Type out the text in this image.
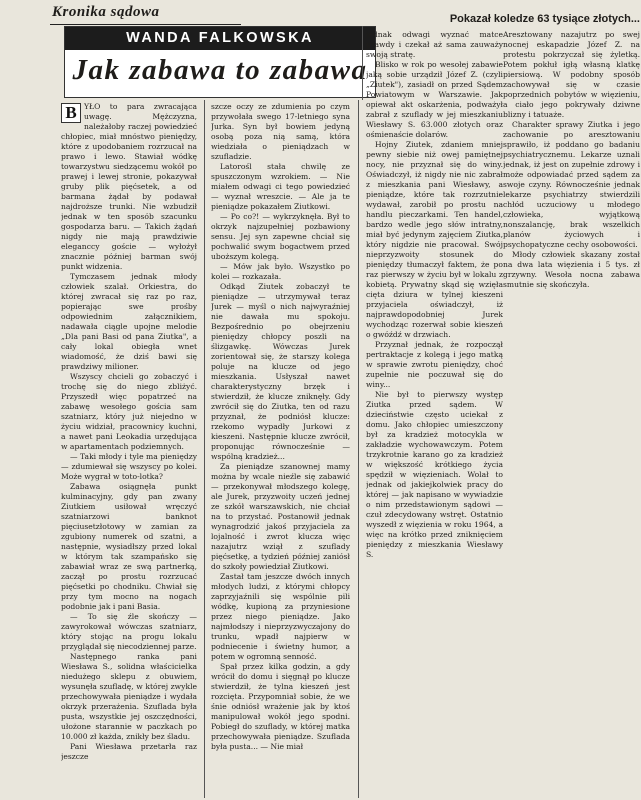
Kronika sądowa	Pokazał koledze 63 tysiące złotych...
WANDA FALKOWSKA
Jak zabawa to zabawa
B YŁO to para zwracająca uwagę. Mężczyzna, należałoby raczej powiedzieć chłopiec, miał mnóstwo pieniędzy, które z upodobaniem rozrzucał na prawo i lewo. Stawiał wódkę towarzystwu siedzącemu wokół po prawej i lewej stronie, pokazywał gruby plik pięćsetek, a od barmana żądał by podawał najdroższe trunki. Nie wzbudził jednak w ten sposób szacunku gospodarza baru. — Takich żądań nigdy nie mają prawdziwie eleganccy goście — wyłożył znacznie później barman swój punkt widzenia.

Tymczasem jednak młody człowiek szalał. Orkiestra, do której zwracał się raz po raz, popierając swe prośby odpowiednim załącznikiem, nadawała ciągle upojne melodie „Dla pani Basi od pana Ziutka", a cały lokal obiegła wnet wiadomość, że dziś bawi się prawdziwy milioner.

Wszyscy chcieli go zobaczyć i trochę się do niego zbliżyć. Przyszedł więc popatrzeć na zabawę wesołego gościa sam szatniarz, który już niejedno w życiu widział, pracownicy kuchni, a nawet pani Leokadia urzędująca w apartamentach podziemnych.

— Taki młody i tyle ma pieniędzy — zdumiewał się wszyscy po kolei. Może wygrał w toto-lotka?

Zabawa osiągnęła punkt kulminacyjny, gdy pan zwany Ziutkiem usiłował wręczyć szatniarzowi banknot pięciusetzłotowy w zamian za zgubiony numerek od szatni, a następnie, wysiadłszy przed lokal w którym tak szampańsko się zabawiał wraz ze swą partnerką, zaczął po prostu rozrzucać pięćsetki po chodniku. Chwiał się przy tym mocno na nogach podobnie jak i pani Basia.

— To się źle skończy — zawyrokował wówczas szatniarz, który stojąc na progu lokalu przyglądał się niecodziennej parze.

Następnego ranka pani Wiesława S., solidna właścicielka niedużego sklepu z obuwiem, wysunęła szufladę, w której zwykle przechowywała pieniądze i wydała okrzyk przerażenia. Szuflada była pusta, wszystkie jej oszczędności, ułożone starannie w paczkach po 10.000 zł każda, znikły bez śladu.

Pani Wiesława przetarła raz jeszcze

szcze oczy ze zdumienia po czym przywołała swego 17-letniego syna Jurka. Syn był bowiem jedyną osobą poza nią samą, która wiedziała o pieniądzach w szufladzie.

Latorośl stała chwilę ze spuszczonym wzrokiem. — Nie miałem odwagi ci tego powiedzieć — wyznał wreszcie. — Ale ja te pieniądze pokazałem Ziutkowi.

— Po co?! — wykrzyknęła. Był to okrzyk najzupełniej pozbawiony sensu. Jej syn zapewne chciał się pochwalić swym bogactwem przed uboższym kolegą.

— Mów jak było. Wszystko po kolei — rozkazała.

Odkąd Ziutek zobaczył te pieniądze — utrzymywał teraz Jurek — myśl o nich najwyraźniej nie dawała mu spokoju. Bezpośrednio po obejrzeniu pieniędzy chłopcy poszli na ślizgawkę. Wówczas Jurek zorientował się, że starszy kolega poluje na klucze od jego mieszkania. Usłyszał nawet charakterystyczny brzęk i stwierdził, że klucze zniknęły. Gdy zwrócił się do Ziutka, ten od razu przyznał, że podniósł klucze: rzekomo wypadły Jurkowi z kieszeni. Następnie klucze zwrócił, proponując równocześnie — wspólną kradzież...

Za pieniądze szanownej mamy można by wcale nieźle się zabawić — przekonywał młodszego kolegę, ale Jurek, przyzwoity uczeń jednej ze szkół warszawskich, nie chciał na to przystać. Postanowił jednak wynagrodzić jakoś przyjaciela za lojalność i zwrot klucza więc nazajutrz wziął z szuflady pięćsetkę, a tydzień później zaniósł do szkoły powiedział Ziutkowi.

Zastał tam jeszcze dwóch innych młodych ludzi, z którymi chłopcy zaprzyjaźnili się wspólnie pili wódkę, kupioną za przyniesione przez niego pieniądze. Jako najmłodszy i nieprzyzwyczajony do trunku, wpadł najpierw w podniecenie i świetny humor, a potem w ogromną senność.

Spał przez kilka godzin, a gdy wrócił do domu i sięgnął po klucze stwierdził, że tylna kieszeń jest rozcięta. Przypomniał sobie, że we śnie odniósł wrażenie jak by ktoś manipulował wokół jego spodni. Pobiegł do szuflady, w której matka przechowywała pieniądze. Szuflada była pusta... — Nie miał

jednak odwagi wyznać matce prawdy i czekał aż sama zauważy swoją stratę.

Blisko w rok po wesołej zabawie jaką sobie urządził Józef Z. (czyli „Ziutek"), zasiadł on przed Sądem Powiatowym w Warszawie. Jak opiewał akt oskarżenia, podważył zabrał z szuflady w jej mieszkaniu Wiesławy S. 63.000 złotych oraz ośmienaście dolarów.

Hojny Ziutek, zdaniem mniej pewny siebie niż owej pamiętnej nocy, nie przyznał się do winy. Oświadczył, iż nigdy nie nic zabrał z mieszkania pani Wiesławy, a pieniądze, które tak rozrzutnie wydawał, zarobił po prostu na handlu pieczarkami. Ten handel, bardzo wedle jego słów intratny, miał być jedynym zajęciem Ziutka, który nigdzie nie pracował. Swój nieprzyzwoity stosunek do pieniędzy tłumaczył faktem, że po raz pierwszy w życiu był w lokalu z kobietą. Prywatny skąd się wzięła cięta dziura w tylnej kieszeni przyjaciela oświadczył, iż najprawdopodobniej Jurek wychodząc rozerwał sobie kieszeń o gwóźdź w drzwiach.

Przyznał jednak, że rozpoczął pertraktacje z kolegą i jego matką w sprawie zwrotu pieniędzy, choć zupełnie nie poczuwał się do winy...

Nie był to pierwszy występ Ziutka przed sądem. W dzieciństwie często uciekał z domu. Jako chłopiec umieszczony był za kradzież motocykla w zakładzie wychowawczym. Potem trzykrotnie karano go za kradzież w większość krótkiego życia spędził w więzieniach. Wolał to jednak od jakiejkolwiek pracy do której — jak napisano w wywiadzie o nim przedstawionym sądowi — czuł zdecydowany wstręt. Ostatnio wyszedł z więzienia w roku 1964, a więc na krótko przed zniknięciem pieniędzy z mieszkania Wiesławy S.

Aresztowany nazajutrz po swej nocnej eskapadzie Józef Z. na protestu pokrzyczał się żyletką. Potem pokłuł igłą własną klatkę piersiową. W podobny sposób zachowywał się w czasie poprzednich pobytów w więzieniu, a ciało jego pokrywały dziwne blizny i tatuaże.

Charakter sprawy Ziutka i jego zachowanie po aresztowaniu sprawiło, iż poddano go badaniu psychiatrycznemu. Lekarze uznali jednak, iż jest on zupełnie zdrowy i może odpowiadać przed sądem za swoje czyny. Równocześnie jednak lekarze psychiatrzy stwierdzili chłód uczuciowy u młodego człowieka, wyjątkową nonszalancję, brak wszelkich planów życiowych i psychopatyczne cechy osobowości.

Młody człowiek skazany został na dwa lata więzienia i 5 tys. zł grzywny. Wesoła nocna zabawa smutnie się skończyła.
